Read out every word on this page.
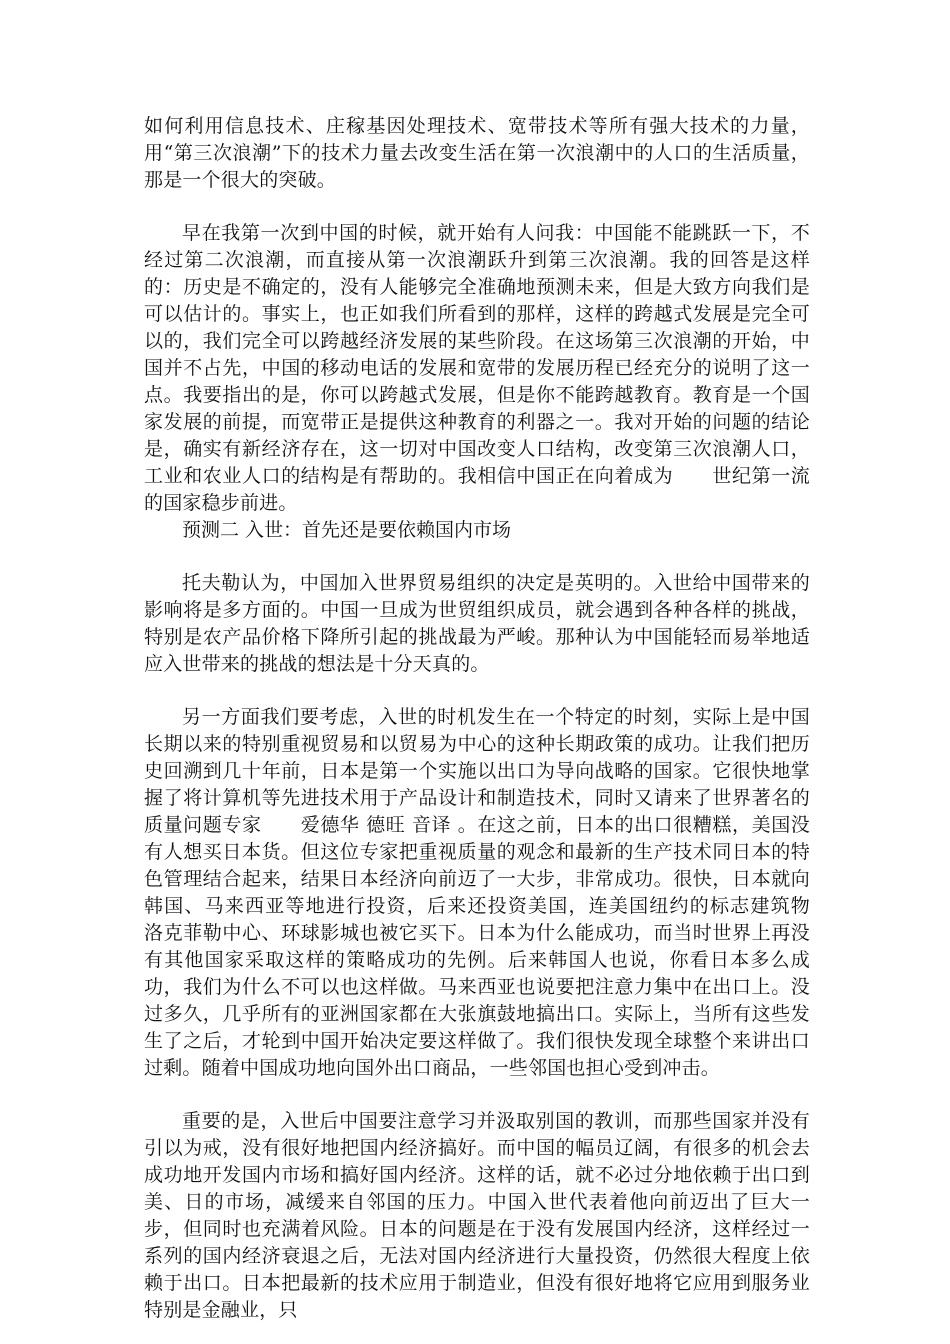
如何利用信息技术、庄稼基因处理技术、宽带技术等所有强大技术的力量，用“第三次浪潮”下的技术力量去改变生活在第一次浪潮中的人口的生活质量，那是一个很大的突破。

早在我第一次到中国的时候，就开始有人问我：中国能不能跳跃一下，不经过第二次浪潮，而直接从第一次浪潮跃升到第三次浪潮。我的回答是这样的：历史是不确定的，没有人能够完全准确地预测未来，但是大致方向我们是可以估计的。事实上，也正如我们所看到的那样，这样的跨越式发展是完全可以的，我们完全可以跨越经济发展的某些阶段。在这场第三次浪潮的开始，中国并不占先，中国的移动电话的发展和宽带的发展历程已经充分的说明了这一点。我要指出的是，你可以跨越式发展，但是你不能跨越教育。教育是一个国家发展的前提，而宽带正是提供这种教育的利器之一。我对开始的问题的结论是，确实有新经济存在，这一切对中国改变人口结构，改变第三次浪潮人口，工业和农业人口的结构是有帮助的。我相信中国正在向着成为　　世纪第一流的国家稳步前进。

预测二 入世：首先还是要依赖国内市场

托夫勒认为，中国加入世界贸易组织的决定是英明的。入世给中国带来的影响将是多方面的。中国一旦成为世贸组织成员，就会遇到各种各样的挑战，特别是农产品价格下降所引起的挑战最为严峻。那种认为中国能轻而易举地适应入世带来的挑战的想法是十分天真的。

另一方面我们要考虑，入世的时机发生在一个特定的时刻，实际上是中国长期以来的特别重视贸易和以贸易为中心的这种长期政策的成功。让我们把历史回溯到几十年前，日本是第一个实施以出口为导向战略的国家。它很快地掌握了将计算机等先进技术用于产品设计和制造技术，同时又请来了世界著名的质量问题专家　　爱德华 德旺 音译 。在这之前，日本的出口很糟糕，美国没有人想买日本货。但这位专家把重视质量的观念和最新的生产技术同日本的特色管理结合起来，结果日本经济向前迈了一大步，非常成功。很快，日本就向韩国、马来西亚等地进行投资，后来还投资美国，连美国纽约的标志建筑物　　洛克菲勒中心、环球影城也被它买下。日本为什么能成功，而当时世界上再没有其他国家采取这样的策略成功的先例。后来韩国人也说，你看日本多么成功，我们为什么不可以也这样做。马来西亚也说要把注意力集中在出口上。没过多久，几乎所有的亚洲国家都在大张旗鼓地搞出口。实际上，当所有这些发生了之后，才轮到中国开始决定要这样做了。我们很快发现全球整个来讲出口过剩。随着中国成功地向国外出口商品，一些邻国也担心受到冲击。

重要的是，入世后中国要注意学习并汲取别国的教训，而那些国家并没有引以为戒，没有很好地把国内经济搞好。而中国的幅员辽阔，有很多的机会去成功地开发国内市场和搞好国内经济。这样的话，就不必过分地依赖于出口到美、日的市场，减缓来自邻国的压力。中国入世代表着他向前迈出了巨大一步，但同时也充满着风险。日本的问题是在于没有发展国内经济，这样经过一系列的国内经济衰退之后，无法对国内经济进行大量投资，仍然很大程度上依赖于出口。日本把最新的技术应用于制造业，但没有很好地将它应用到服务业特别是金融业，只
